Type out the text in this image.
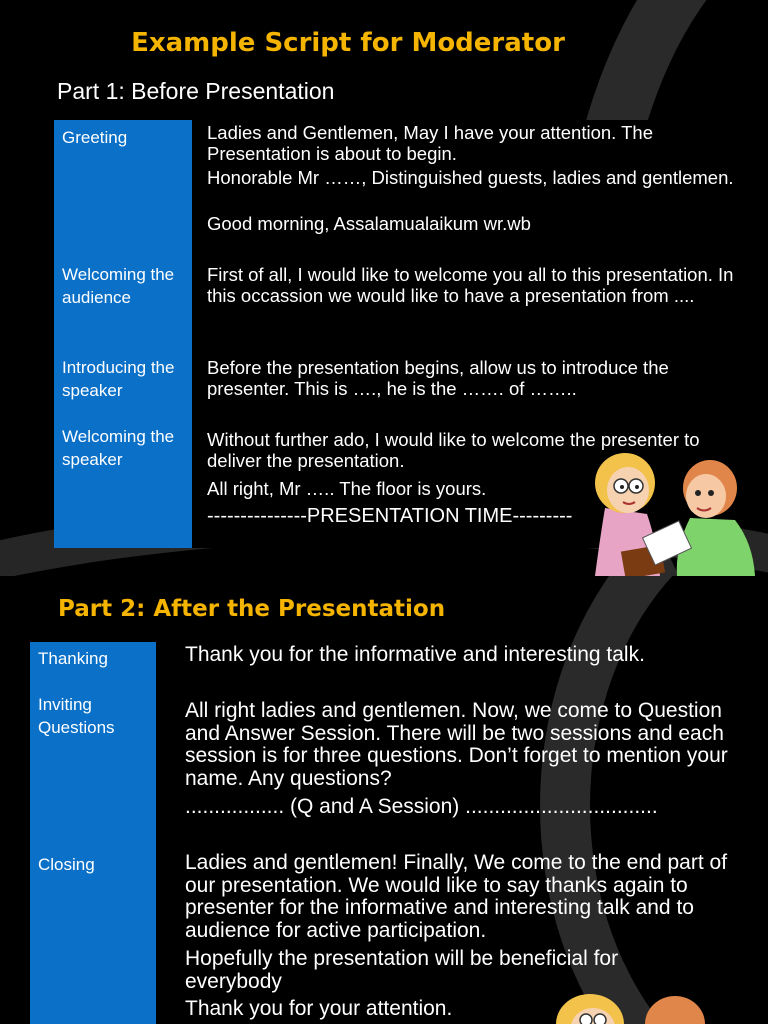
Example Script for Moderator
Part 1: Before Presentation
Greeting
Welcoming the audience
Introducing the speaker
Welcoming the speaker
Ladies and Gentlemen, May I have your attention. The Presentation is about to begin.
Honorable Mr ……, Distinguished guests, ladies and gentlemen.
Good morning, Assalamualaikum wr.wb
First of all, I would like to welcome you all to this presentation. In this occassion we would like to have a presentation from ....
Before the presentation begins, allow us to introduce the presenter. This is …., he is the ……. of ……..
Without further ado, I would like to welcome the presenter to deliver the presentation.
All right, Mr ….. The floor is yours.
---------------PRESENTATION TIME---------
Part 2: After the Presentation
Thanking
Inviting Questions
Closing
Thank you for the informative and interesting talk.
All right ladies and gentlemen. Now, we come to Question and Answer Session. There will be two sessions and each session is for three questions. Don’t forget to mention your name. Any questions?
................. (Q and A Session) .................................
Ladies and gentlemen! Finally, We come to the end part of our presentation. We would like to say thanks again to presenter for the informative and interesting talk and to audience for active participation.
Hopefully the presentation will be beneficial for everybody
Thank you for your attention.
